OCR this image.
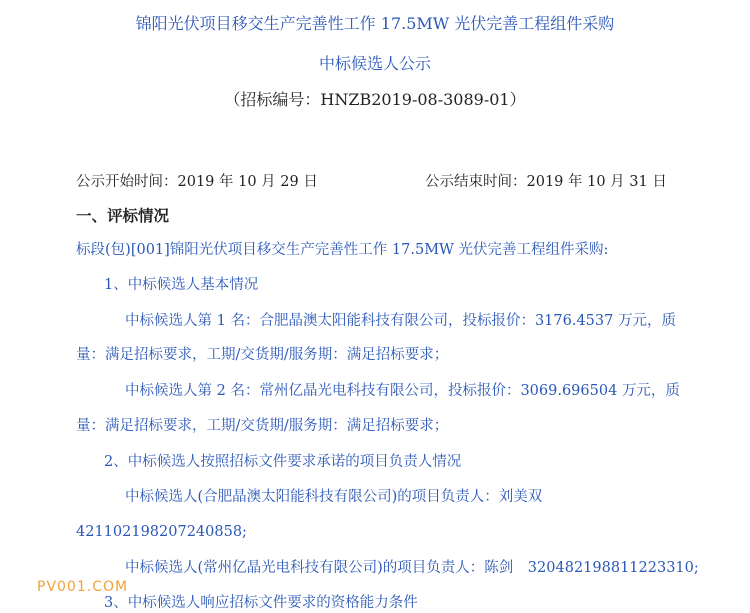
锦阳光伏项目移交生产完善性工作 17.5MW 光伏完善工程组件采购
中标候选人公示
（招标编号：HNZB2019-08-3089-01）
公示开始时间：2019 年 10 月 29 日	公示结束时间：2019 年 10 月 31 日
一、评标情况
标段(包)[001]锦阳光伏项目移交生产完善性工作 17.5MW 光伏完善工程组件采购:
1、中标候选人基本情况
中标候选人第 1 名：合肥晶澳太阳能科技有限公司，投标报价：3176.4537 万元，质
量：满足招标要求，工期/交货期/服务期：满足招标要求；
中标候选人第 2 名：常州亿晶光电科技有限公司，投标报价：3069.696504 万元，质
量：满足招标要求，工期/交货期/服务期：满足招标要求；
2、中标候选人按照招标文件要求承诺的项目负责人情况
中标候选人(合肥晶澳太阳能科技有限公司)的项目负责人：刘美双
421102198207240858;
中标候选人(常州亿晶光电科技有限公司)的项目负责人：陈剑　320482198811223310;
3、中标候选人响应招标文件要求的资格能力条件
PV001.COM
